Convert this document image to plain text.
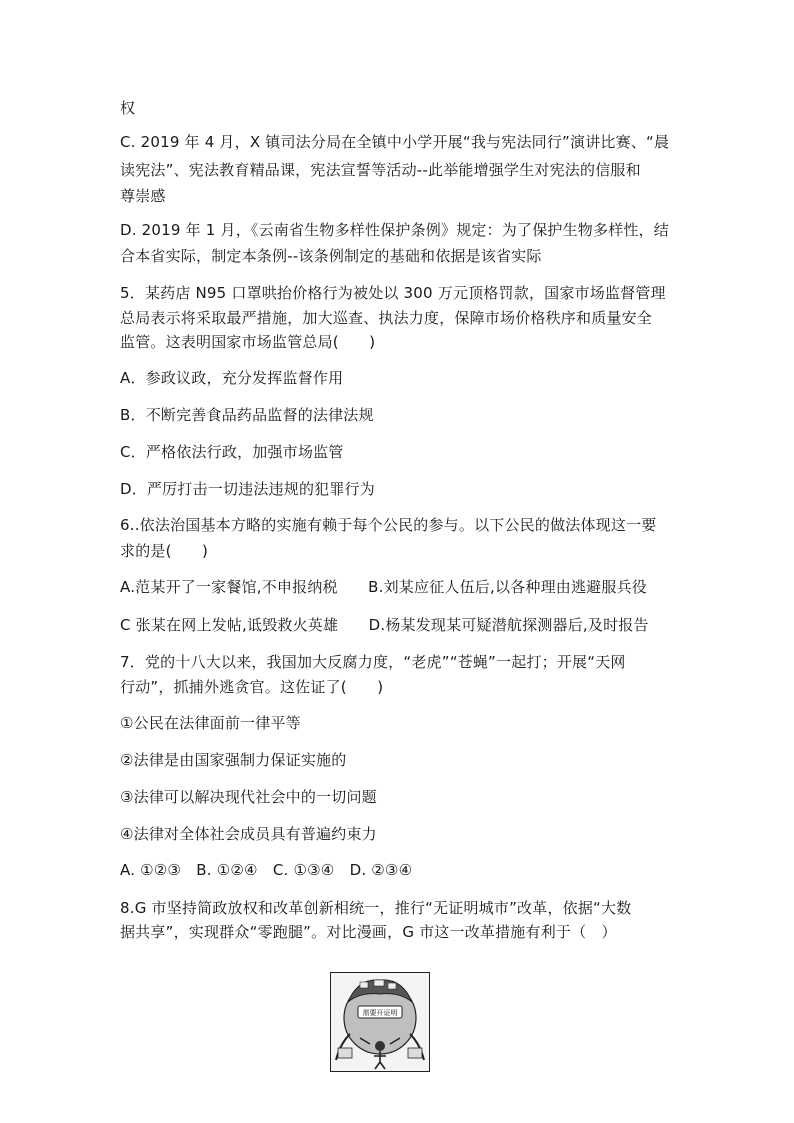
权
C. 2019 年 4 月，X 镇司法分局在全镇中小学开展“我与宪法同行”演讲比赛、“晨
读宪法”、宪法教育精品课，宪法宣誓等活动--此举能增强学生对宪法的信服和
尊崇感
D. 2019 年 1 月，《云南省生物多样性保护条例》规定：为了保护生物多样性，结
合本省实际，制定本条例--该条例制定的基础和依据是该省实际
5．某药店 N95 口罩哄抬价格行为被处以 300 万元顶格罚款，国家市场监督管理
总局表示将采取最严措施，加大巡查、执法力度，保障市场价格秩序和质量安全
监管。这表明国家市场监管总局(　　)
A．参政议政，充分发挥监督作用
B．不断完善食品药品监督的法律法规
C．严格依法行政，加强市场监管
D．严厉打击一切违法违规的犯罪行为
6..依法治国基本方略的实施有赖于每个公民的参与。以下公民的做法体现这一要
求的是(　　)
A.范某开了一家餐馆,不申报纳税　　B.刘某应征人伍后,以各种理由逃避服兵役
C 张某在网上发帖,诋毁救火英雄　　D.杨某发现某可疑潜航探测器后,及时报告
7．党的十八大以来，我国加大反腐力度，“老虎”“苍蝇”一起打；开展“天网
行动”，抓捕外逃贪官。这佐证了(　　)
①公民在法律面前一律平等
②法律是由国家强制力保证实施的
③法律可以解决现代社会中的一切问题
④法律对全体社会成员具有普遍约束力
A. ①②③　B. ①②④　C. ①③④　D. ②③④
8.G 市坚持简政放权和改革创新相统一，推行“无证明城市”改革，依据“大数
据共享”，实现群众“零跑腿”。对比漫画，G 市这一改革措施有利于（　）
需要开证明
